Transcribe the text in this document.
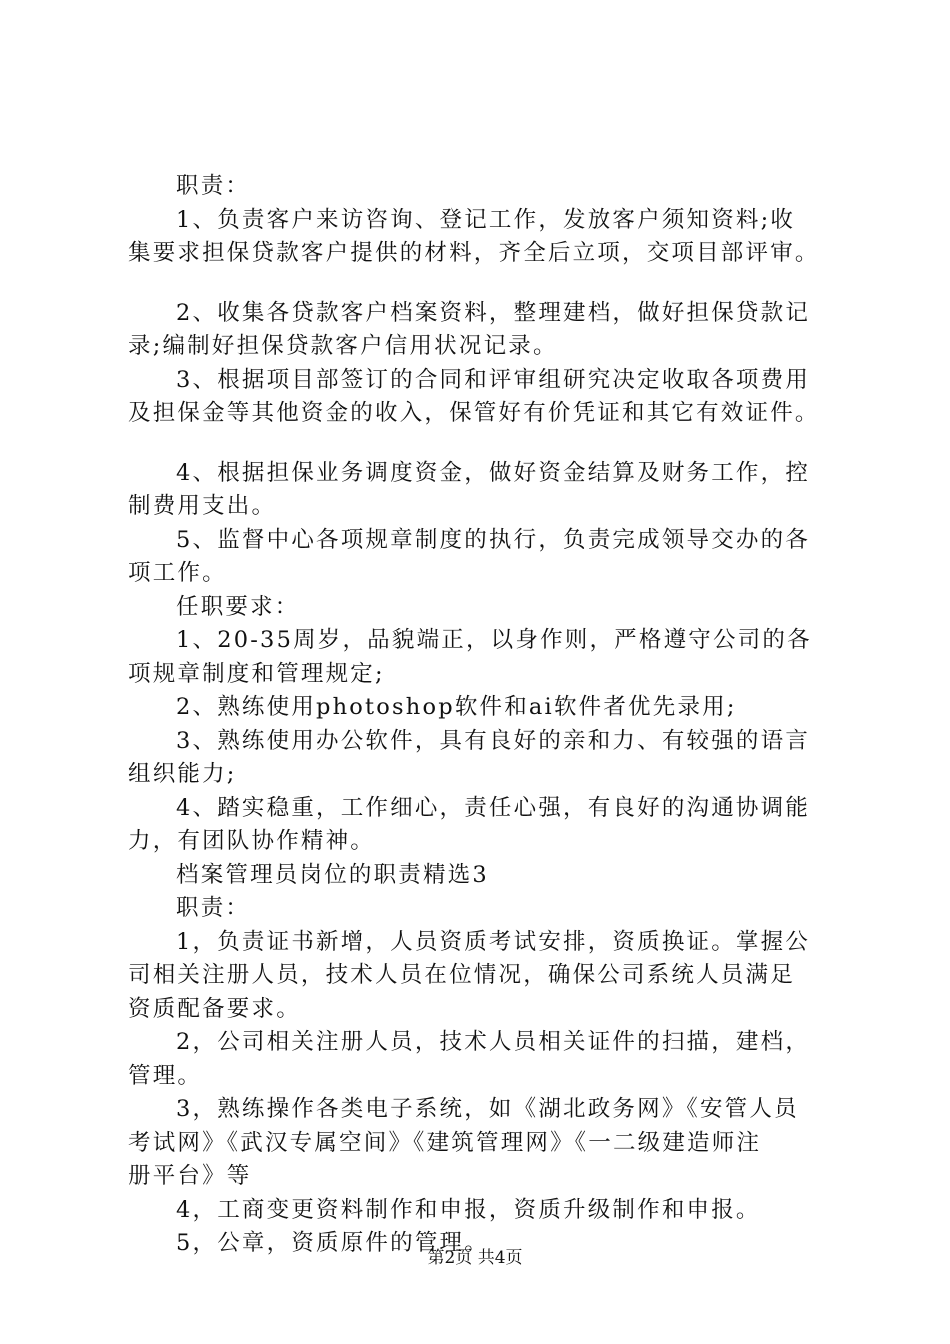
职责：
1、负责客户来访咨询、登记工作，发放客户须知资料;收
集要求担保贷款客户提供的材料，齐全后立项，交项目部评审。
2、收集各贷款客户档案资料，整理建档，做好担保贷款记
录;编制好担保贷款客户信用状况记录。
3、根据项目部签订的合同和评审组研究决定收取各项费用
及担保金等其他资金的收入，保管好有价凭证和其它有效证件。
4、根据担保业务调度资金，做好资金结算及财务工作，控
制费用支出。
5、监督中心各项规章制度的执行，负责完成领导交办的各
项工作。
任职要求：
1、20-35周岁，品貌端正，以身作则，严格遵守公司的各
项规章制度和管理规定;
2、熟练使用photoshop软件和ai软件者优先录用;
3、熟练使用办公软件，具有良好的亲和力、有较强的语言
组织能力;
4、踏实稳重，工作细心，责任心强，有良好的沟通协调能
力，有团队协作精神。
档案管理员岗位的职责精选3
职责：
1，负责证书新增，人员资质考试安排，资质换证。掌握公
司相关注册人员，技术人员在位情况，确保公司系统人员满足
资质配备要求。
2，公司相关注册人员，技术人员相关证件的扫描，建档，
管理。
3，熟练操作各类电子系统，如《湖北政务网》《安管人员
考试网》《武汉专属空间》《建筑管理网》《一二级建造师注
册平台》等
4，工商变更资料制作和申报，资质升级制作和申报。
5，公章，资质原件的管理。
第2页 共4页
